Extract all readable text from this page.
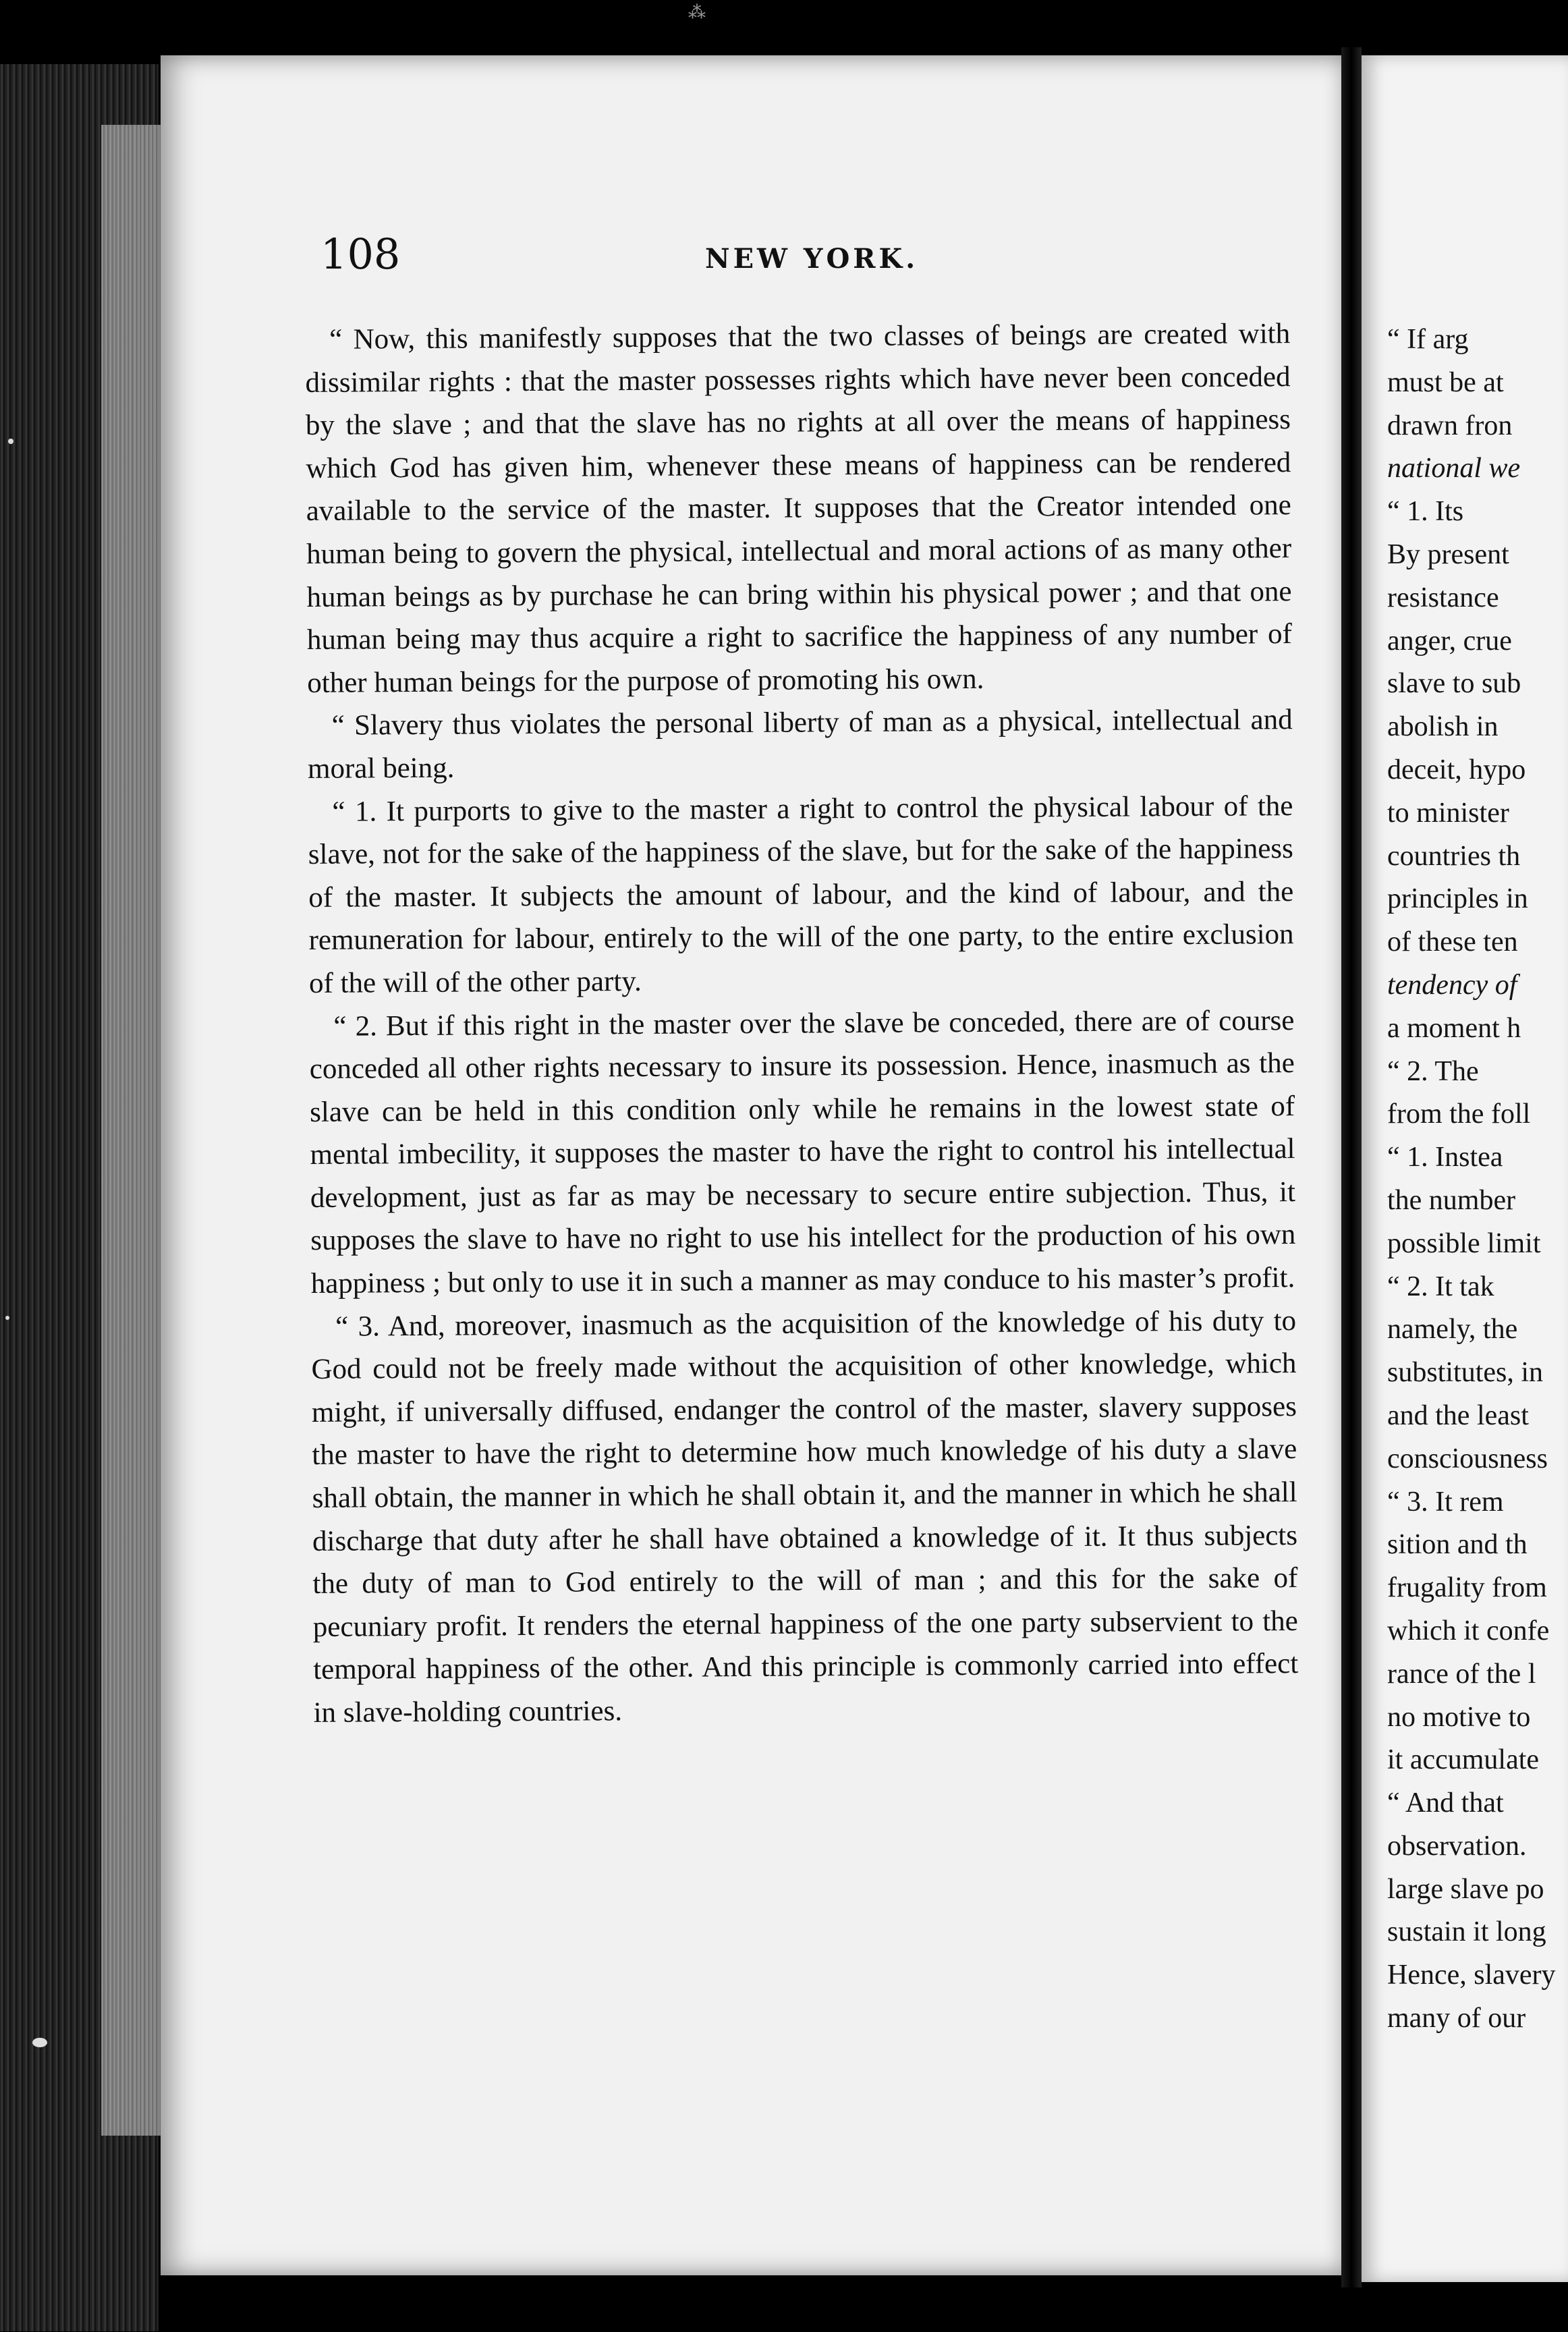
⁂
“ If arg
must be at
drawn fron
national we
“ 1. Its
By present
resistance
anger, crue
slave to sub
abolish in
deceit, hypo
to minister
countries th
principles in
of these ten
tendency of
a moment h
“ 2. The
from the foll
“ 1. Instea
the number
possible limit
“ 2. It tak
namely, the
substitutes, in
and the least
consciousness
“ 3. It rem
sition and th
frugality from
which it confe
rance of the l
no motive to
it accumulate
“ And that
observation.
large slave po
sustain it long
Hence, slavery
many of our
108	NEW YORK.

“ Now, this manifestly supposes that the two classes of beings are created with dissimilar rights : that the master possesses rights which have never been conceded by the slave ; and that the slave has no rights at all over the means of happiness which God has given him, whenever these means of happiness can be rendered available to the service of the master. It supposes that the Creator intended one human being to govern the physical, intellectual and moral actions of as many other human beings as by purchase he can bring within his physical power ; and that one human being may thus acquire a right to sacrifice the happiness of any number of other human beings for the purpose of promoting his own.

“ Slavery thus violates the personal liberty of man as a physical, intellectual and moral being.

“ 1. It purports to give to the master a right to control the physical labour of the slave, not for the sake of the happiness of the slave, but for the sake of the happiness of the master. It subjects the amount of labour, and the kind of labour, and the remuneration for labour, entirely to the will of the one party, to the entire exclusion of the will of the other party.

“ 2. But if this right in the master over the slave be conceded, there are of course conceded all other rights necessary to insure its possession. Hence, inasmuch as the slave can be held in this condition only while he remains in the lowest state of mental imbecility, it supposes the master to have the right to control his intellectual development, just as far as may be necessary to secure entire subjection. Thus, it supposes the slave to have no right to use his intellect for the production of his own happiness ; but only to use it in such a manner as may conduce to his master’s profit.

“ 3. And, moreover, inasmuch as the acquisition of the knowledge of his duty to God could not be freely made without the acquisition of other knowledge, which might, if universally diffused, endanger the control of the master, slavery supposes the master to have the right to determine how much knowledge of his duty a slave shall obtain, the manner in which he shall obtain it, and the manner in which he shall discharge that duty after he shall have obtained a knowledge of it. It thus subjects the duty of man to God entirely to the will of man ; and this for the sake of pecuniary profit. It renders the eternal happiness of the one party subservient to the temporal happiness of the other. And this principle is commonly carried into effect in slave-holding countries.
